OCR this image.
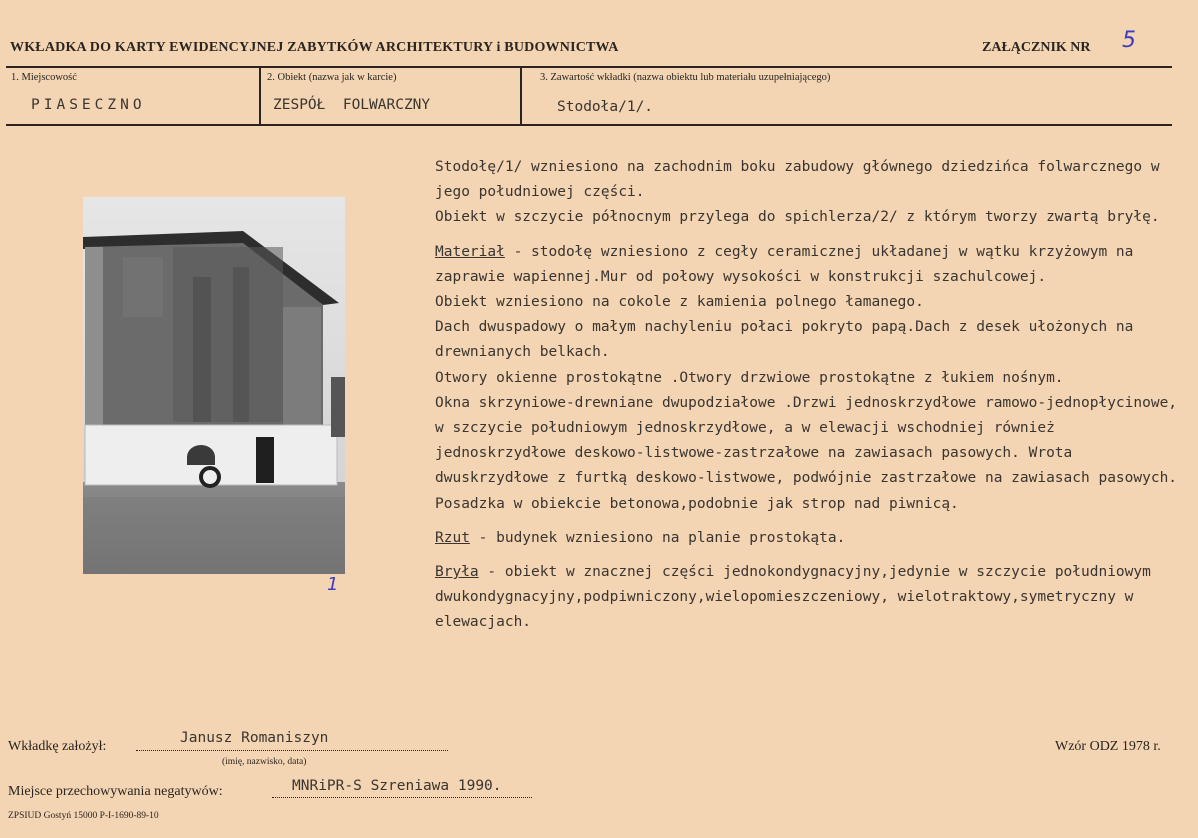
WKŁADKA DO KARTY EWIDENCYJNEJ ZABYTKÓW ARCHITEKTURY i BUDOWNICTWA	ZAŁĄCZNIK NR 5
1. Miejscowość
PIASECZNO
2. Obiekt (nazwa jak w karcie)
ZESPÓŁ  FOLWARCZNY
3. Zawartość wkładki (nazwa obiektu lub materiału uzupełniającego)
Stodoła/1/.
1

Stodołę/1/ wzniesiono na zachodnim boku zabudowy głównego dziedzińca folwarcznego w jego południowej części.

Obiekt w szczycie północnym przylega do spichlerza/2/ z którym tworzy zwartą bryłę.

Materiał - stodołę wzniesiono z cegły ceramicznej układanej w wątku krzyżowym na zaprawie wapiennej.Mur od połowy wysokości w konstrukcji szachulcowej.

Obiekt wzniesiono na cokole z kamienia polnego łamanego.

Dach dwuspadowy o małym nachyleniu połaci pokryto papą.Dach z desek ułożonych na drewnianych belkach.

Otwory okienne prostokątne .Otwory drzwiowe prostokątne z łukiem nośnym.

Okna skrzyniowe-drewniane dwupodziałowe .Drzwi jednoskrzydłowe ramowo-jednopłycinowe, w szczycie południowym jednoskrzydłowe, a w elewacji wschodniej również jednoskrzydłowe deskowo-listwowe-zastrzałowe na zawiasach pasowych. Wrota dwuskrzydłowe z furtką deskowo-listwowe, podwójnie zastrzałowe na zawiasach pasowych.

Posadzka w obiekcie betonowa,podobnie jak strop nad piwnicą.

Rzut - budynek wzniesiono na planie prostokąta.

Bryła - obiekt w znacznej części jednokondygnacyjny,jedynie w szczycie południowym dwukondygnacyjny,podpiwniczony,wielopomieszczeniowy, wielotraktowy,symetryczny w elewacjach.

Wkładkę założył:
Janusz Romaniszyn
(imię, nazwisko, data)
Wzór ODZ 1978 r.
Miejsce przechowywania negatywów:	MNRiPR-S Szreniawa 1990.
ZPSIUD Gostyń 15000 P-I-1690-89-10
